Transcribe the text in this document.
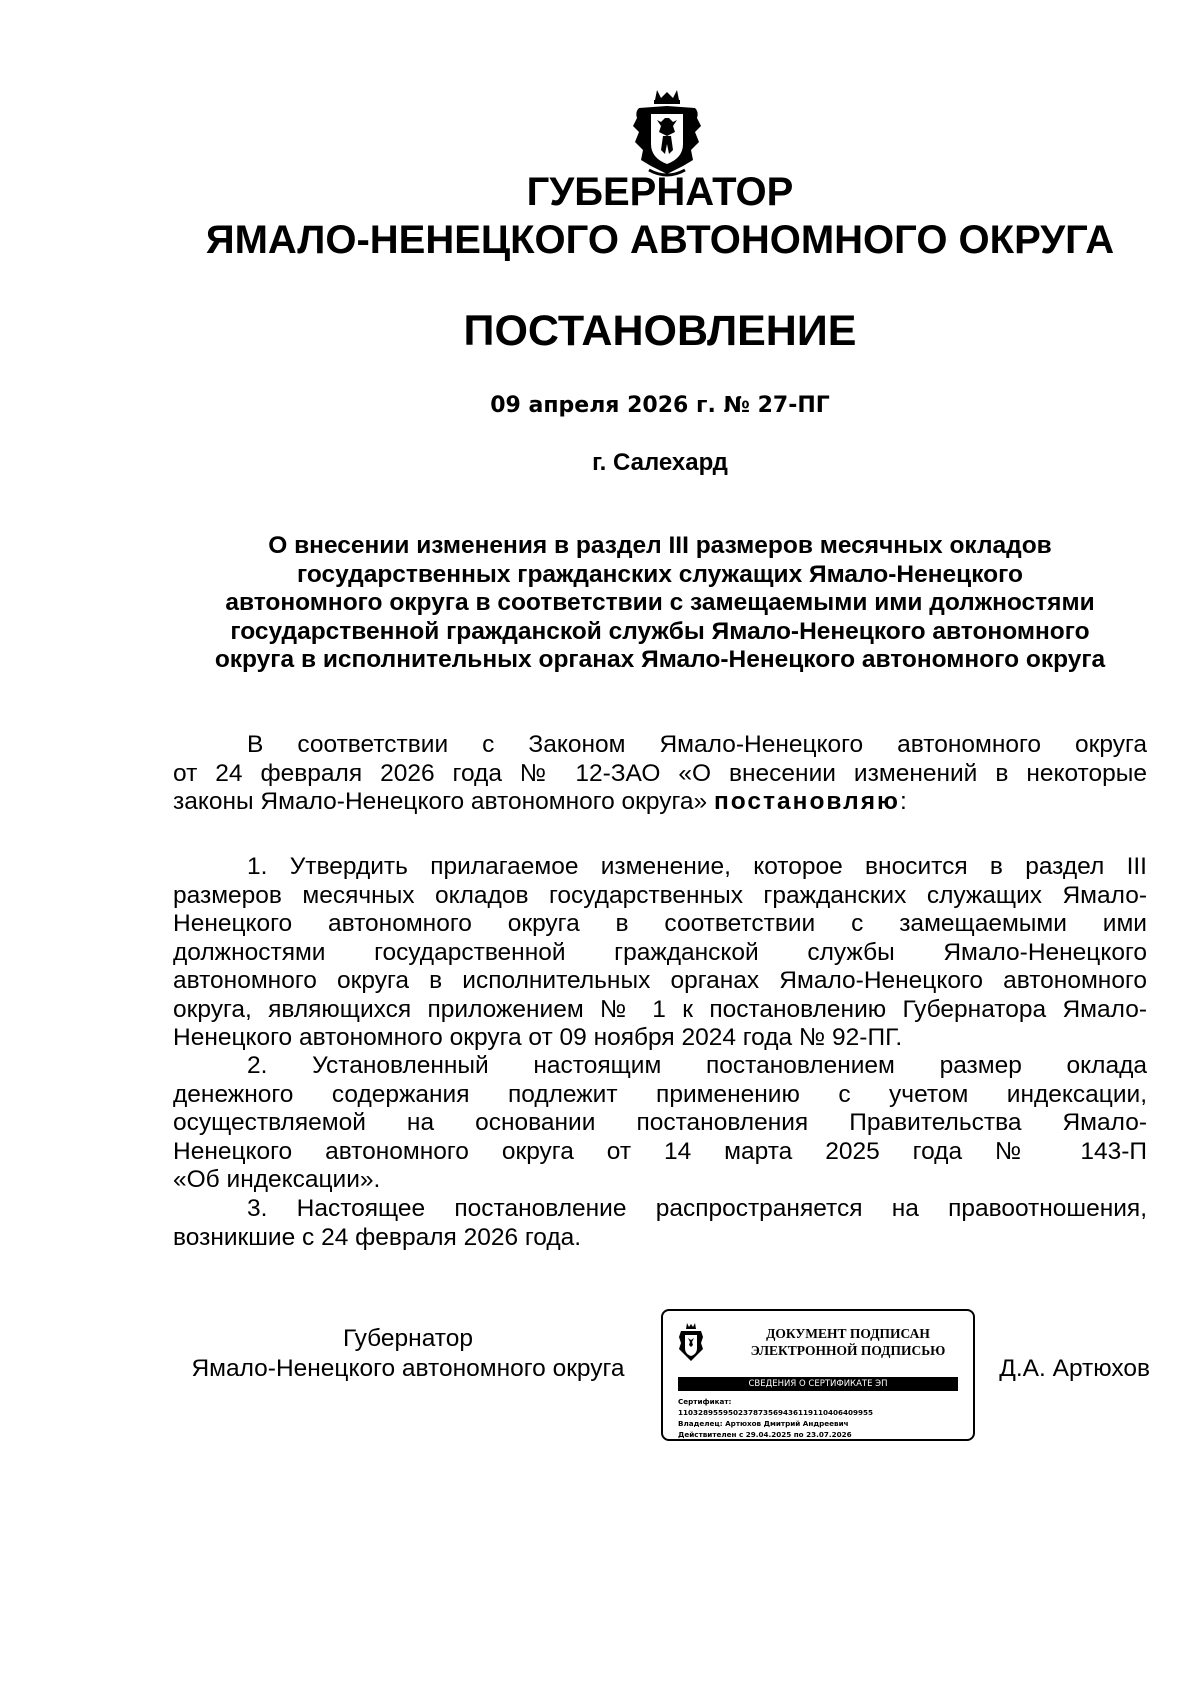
ГУБЕРНАТОР
ЯМАЛО-НЕНЕЦКОГО АВТОНОМНОГО ОКРУГА
ПОСТАНОВЛЕНИЕ
09 апреля 2026 г. № 27-ПГ
г. Салехард
О внесении изменения в раздел III размеров месячных окладов
государственных гражданских служащих Ямало-Ненецкого
автономного округа в соответствии с замещаемыми ими должностями
государственной гражданской службы Ямало-Ненецкого автономного
округа в исполнительных органах Ямало-Ненецкого автономного округа
В соответствии с Законом Ямало-Ненецкого автономного округа
от 24 февраля 2026 года № 12-ЗАО «О внесении изменений в некоторые
законы Ямало-Ненецкого автономного округа» постановляю:
1. Утвердить прилагаемое изменение, которое вносится в раздел III
размеров месячных окладов государственных гражданских служащих Ямало-
Ненецкого автономного округа в соответствии с замещаемыми ими
должностями государственной гражданской службы Ямало-Ненецкого
автономного округа в исполнительных органах Ямало-Ненецкого автономного
округа, являющихся приложением № 1 к постановлению Губернатора Ямало-
Ненецкого автономного округа от 09 ноября 2024 года № 92-ПГ.
2. Установленный настоящим постановлением размер оклада
денежного содержания подлежит применению с учетом индексации,
осуществляемой на основании постановления Правительства Ямало-
Ненецкого автономного округа от 14 марта 2025 года № 143-П
«Об индексации».
3. Настоящее постановление распространяется на правоотношения,
возникшие с 24 февраля 2026 года.
Губернатор
Ямало-Ненецкого автономного округа
ДОКУМЕНТ ПОДПИСАН
ЭЛЕКТРОННОЙ ПОДПИСЬЮ
СВЕДЕНИЯ О СЕРТИФИКАТЕ ЭП
Сертификат:
110328955950237873569436119110406409955
Владелец: Артюхов Дмитрий Андреевич
Действителен с 29.04.2025 по 23.07.2026
Д.А. Артюхов
